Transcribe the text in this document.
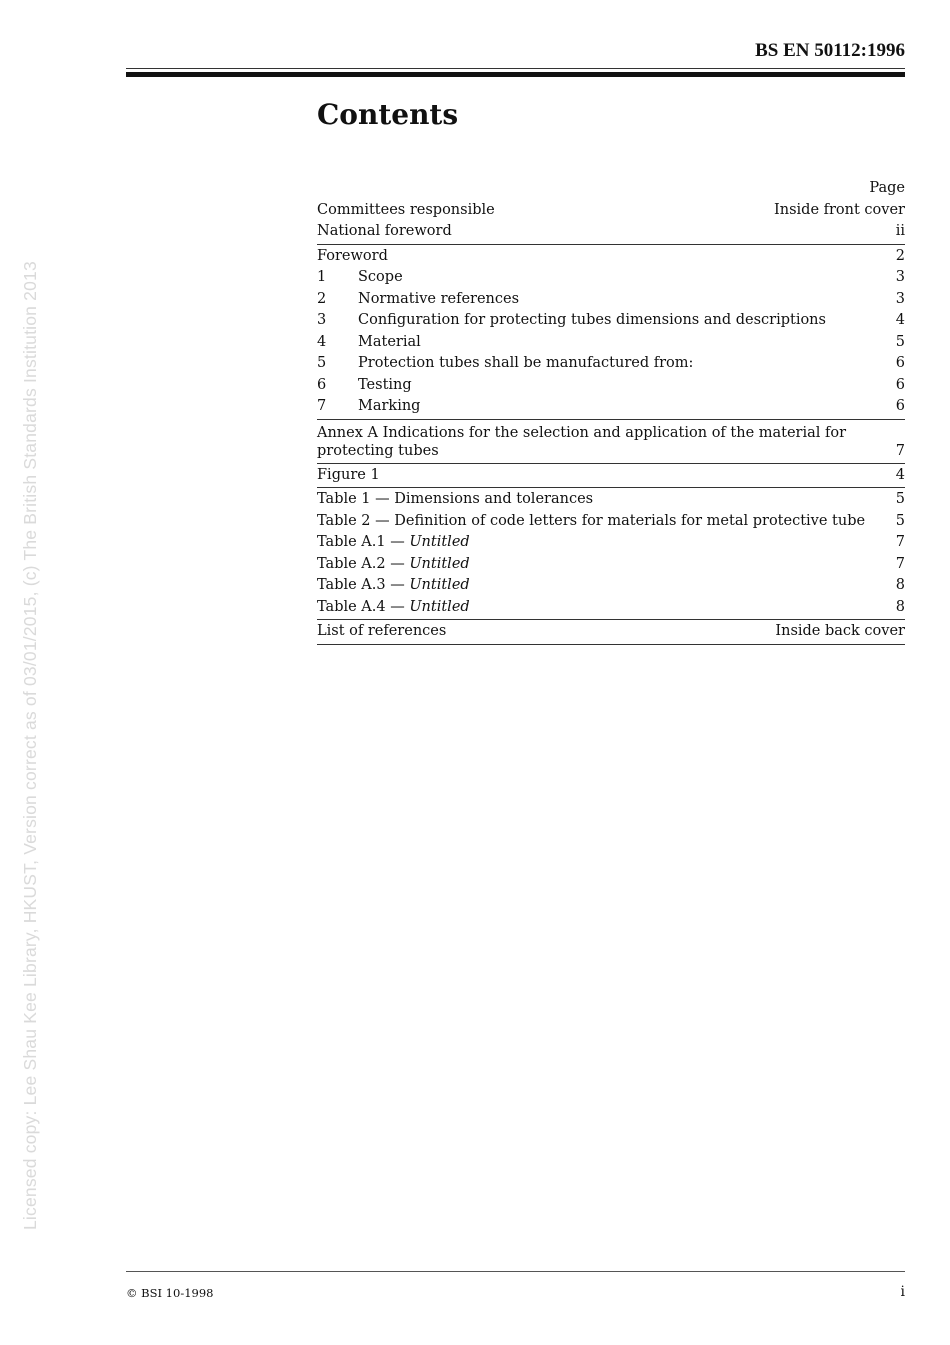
Licensed copy: Lee Shau Kee Library, HKUST, Version correct as of 03/01/2015, (c) The British Standards Institution 2013
BS EN 50112:1996
Contents
Page
Committees responsible	Inside front cover
National foreword	ii
Foreword	2
1 Scope	3
2 Normative references	3
3 Configuration for protecting tubes dimensions and descriptions	4
4 Material	5
5 Protection tubes shall be manufactured from:	6
6 Testing	6
7 Marking	6
Annex A Indications for the selection and application of the material for
protecting tubes	7
Figure 1	4
Table 1 — Dimensions and tolerances	5
Table 2 — Definition of code letters for materials for metal protective tube	5
Table A.1 — Untitled	7
Table A.2 — Untitled	7
Table A.3 — Untitled	8
Table A.4 — Untitled	8
List of references	Inside back cover
© BSI 10-1998	i
